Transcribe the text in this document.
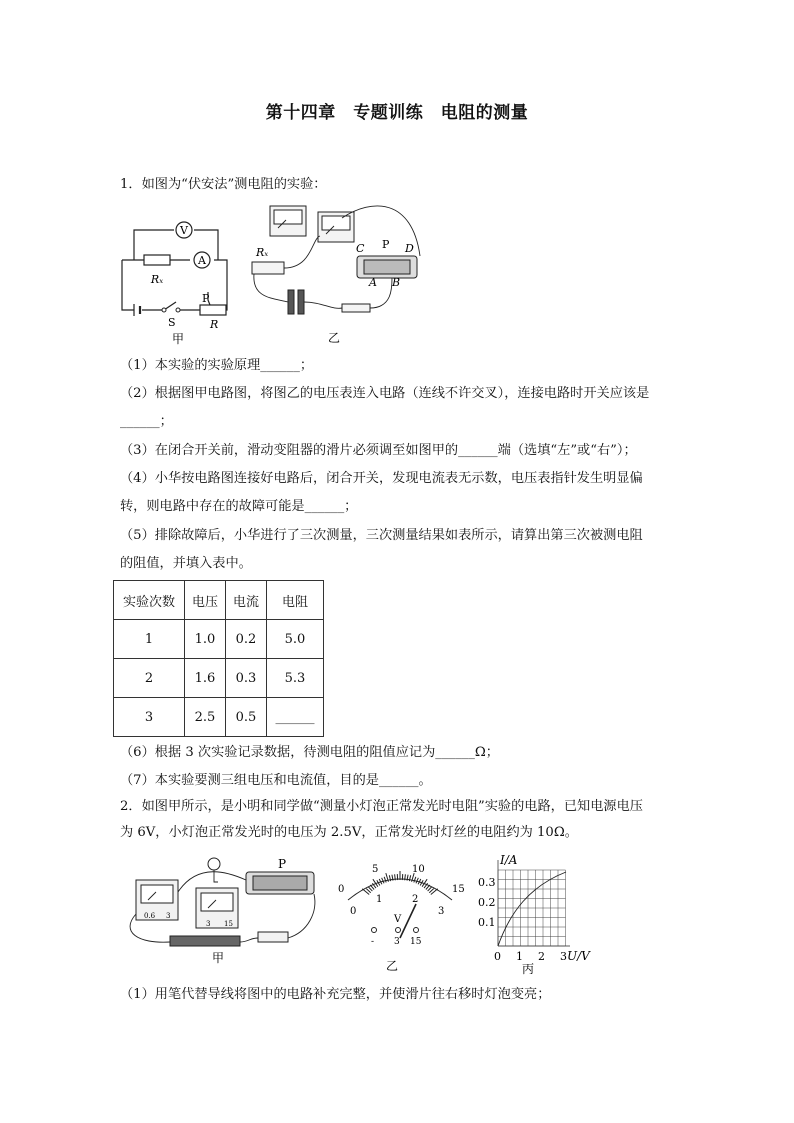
第十四章　专题训练　电阻的测量
1．如图为“伏安法”测电阻的实验：
V
A
Rₓ
P
R
S
甲
Rₓ	C P D
A B
乙
（1）本实验的实验原理______；
（2）根据图甲电路图，将图乙的电压表连入电路（连线不许交叉），连接电路时开关应该是
______；
（3）在闭合开关前，滑动变阻器的滑片必须调至如图甲的______端（选填“左”或“右”）；
（4）小华按电路图连接好电路后，闭合开关，发现电流表无示数，电压表指针发生明显偏
转，则电路中存在的故障可能是______；
（5）排除故障后，小华进行了三次测量，三次测量结果如表所示，请算出第三次被测电阻
的阻值，并填入表中。
实验次数	电压	电流	电阻
1	1.0	0.2	5.0
2	1.6	0.3	5.3
3	2.5	0.5	______
（6）根据 3 次实验记录数据，待测电阻的阻值应记为______Ω；
（7）本实验要测三组电压和电流值，目的是______。
2．如图甲所示，是小明和同学做“测量小灯泡正常发光时电阻”实验的电路，已知电源电压
为 6V，小灯泡正常发光时的电压为 2.5V，正常发光时灯丝的电阻约为 10Ω。
P
0.6 3
3 15
甲
0
5	10
15
0
1	2
3
V
- 3 15
乙
I/A
0.3
0.2
0.1
0 1 2 3 U/V
丙
（1）用笔代替导线将图中的电路补充完整，并使滑片往右移时灯泡变亮；
